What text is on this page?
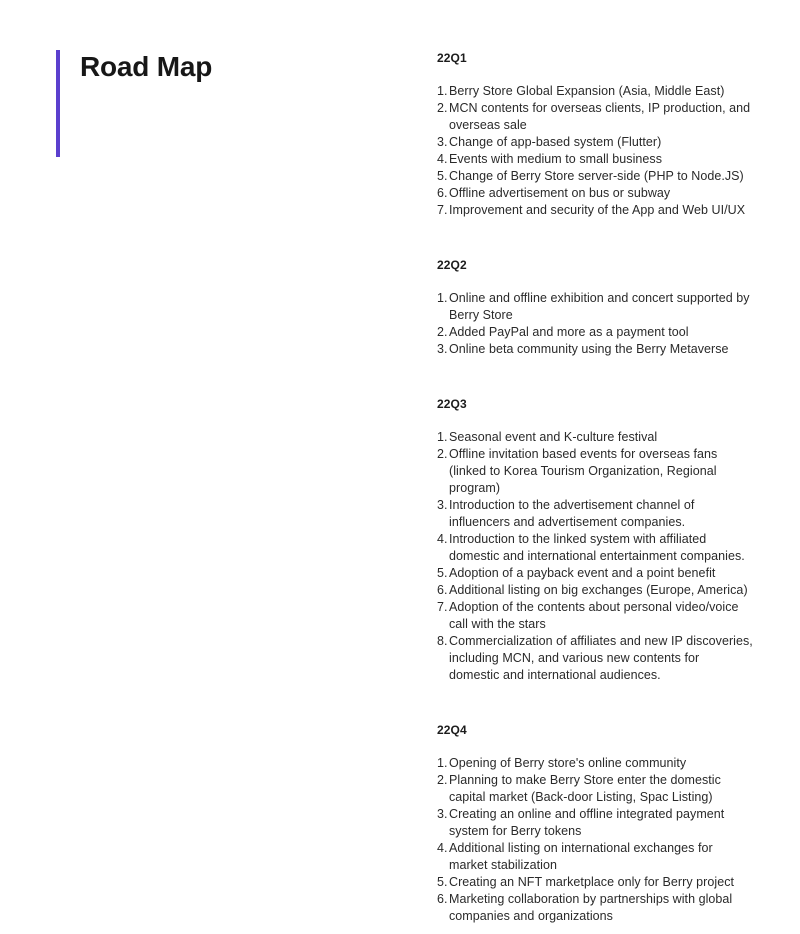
Road Map	22Q1
1. Berry Store Global Expansion (Asia, Middle East)
2. MCN contents for overseas clients, IP production, and overseas sale
3. Change of app-based system (Flutter)
4. Events with medium to small business
5. Change of Berry Store server-side (PHP to Node.JS)
6. Offline advertisement on bus or subway
7. Improvement and security of the App and Web UI/UX
22Q2
1. Online and offline exhibition and concert supported by Berry Store
2. Added PayPal and more as a payment tool
3. Online beta community using the Berry Metaverse
22Q3
1. Seasonal event and K-culture festival
2. Offline invitation based events for overseas fans (linked to Korea Tourism Organization, Regional program)
3. Introduction to the advertisement channel of influencers and advertisement companies.
4. Introduction to the linked system with affiliated domestic and international entertainment companies.
5. Adoption of a payback event and a point benefit
6. Additional listing on big exchanges (Europe, America)
7. Adoption of the contents about personal video/voice call with the stars
8. Commercialization of affiliates and new IP discoveries, including MCN, and various new contents for domestic and international audiences.
22Q4
1. Opening of Berry store's online community
2. Planning to make Berry Store enter the domestic capital market (Back-door Listing, Spac Listing)
3. Creating an online and offline integrated payment system for Berry tokens
4. Additional listing on international exchanges for market stabilization
5. Creating an NFT marketplace only for Berry project
6. Marketing collaboration by partnerships with global companies and organizations
